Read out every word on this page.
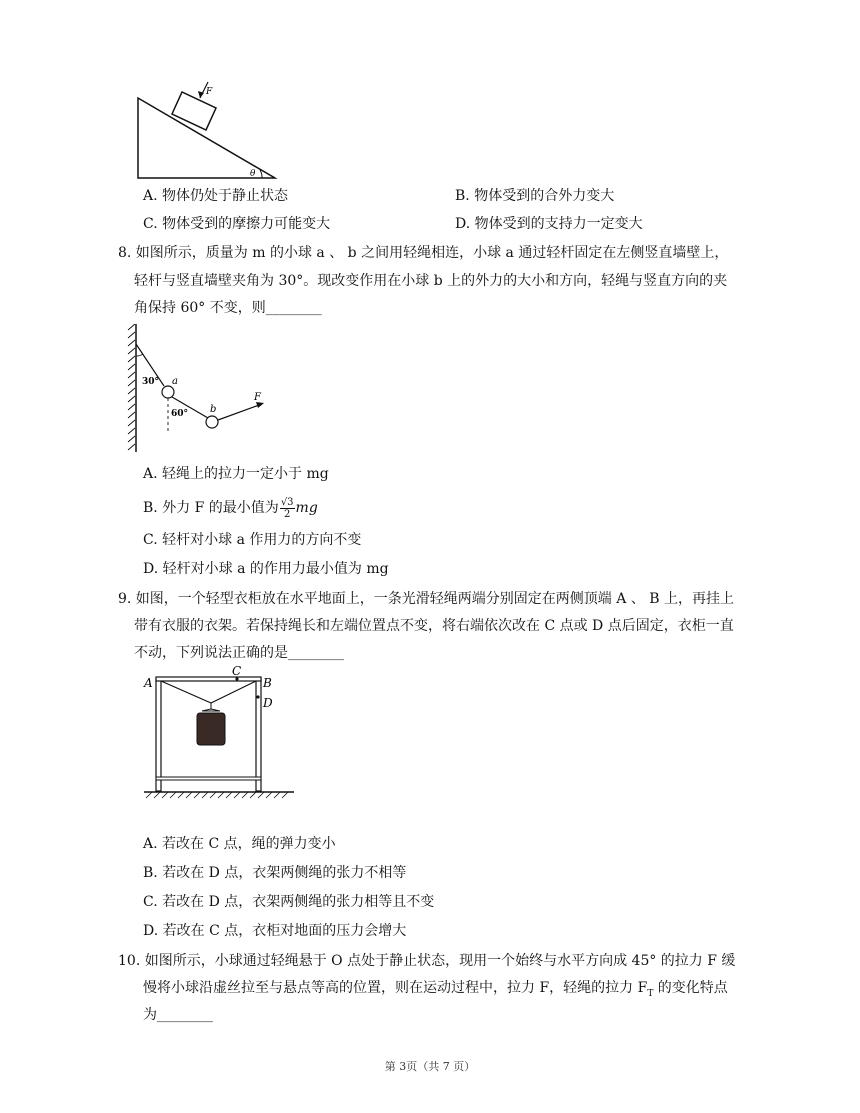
F
θ
A. 物体仍处于静止状态	B. 物体受到的合外力变大
C. 物体受到的摩擦力可能变大	D. 物体受到的支持力一定变大
8. 如图所示，质量为 m 的小球 a 、 b 之间用轻绳相连，小球 a 通过轻杆固定在左侧竖直墙壁上，
轻杆与竖直墙壁夹角为 30°。现改变作用在小球 b 上的外力的大小和方向，轻绳与竖直方向的夹
角保持 60° 不变，则________
30° a
60° b
F
A. 轻绳上的拉力一定小于 mg
B. 外力 F 的最小值为 $\frac{√3}{2}$ mg
C. 轻杆对小球 a 作用力的方向不变
D. 轻杆对小球 a 的作用力最小值为 mg
9. 如图，一个轻型衣柜放在水平地面上，一条光滑轻绳两端分别固定在两侧顶端 A 、 B 上，再挂上
带有衣服的衣架。若保持绳长和左端位置点不变，将右端依次改在 C 点或 D 点后固定，衣柜一直
不动，下列说法正确的是________
A	B
C
D
A. 若改在 C 点，绳的弹力变小
B. 若改在 D 点，衣架两侧绳的张力不相等
C. 若改在 D 点，衣架两侧绳的张力相等且不变
D. 若改在 C 点，衣柜对地面的压力会增大
10. 如图所示，小球通过轻绳悬于 O 点处于静止状态，现用一个始终与水平方向成 45° 的拉力 F 缓
慢将小球沿虚丝拉至与悬点等高的位置，则在运动过程中，拉力 F，轻绳的拉力 $F_T$ 的变化特点
为________
第 3页（共 7 页）
